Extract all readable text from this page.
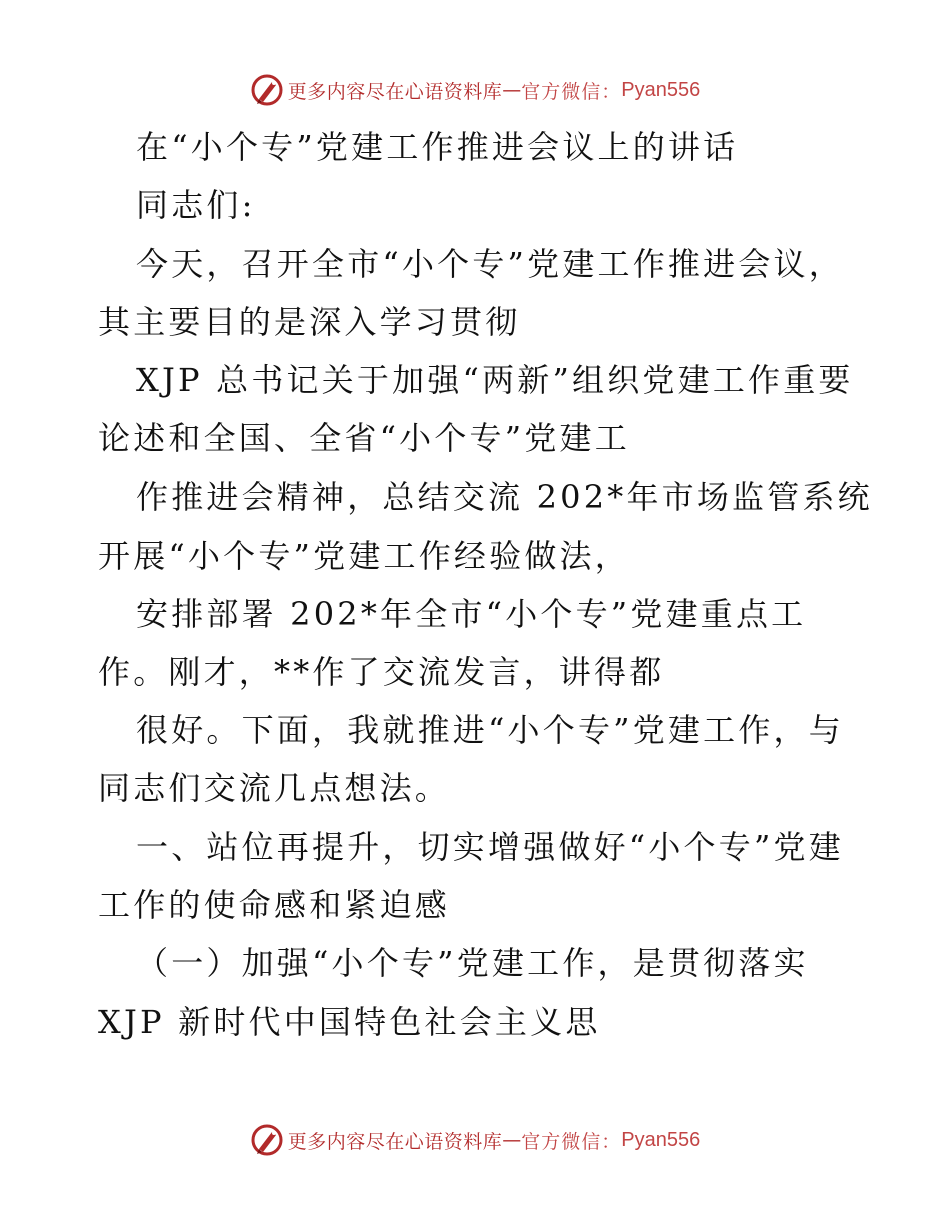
更多内容尽在心语资料库 — 官方微信： Pyan556
在“小个专”党建工作推进会议上的讲话
同志们:
今天，召开全市“小个专”党建工作推进会议，
其主要目的是深入学习贯彻
XJP 总书记关于加强“两新”组织党建工作重要
论述和全国、全省“小个专”党建工
作推进会精神，总结交流 202*年市场监管系统
开展“小个专”党建工作经验做法，
安排部署 202*年全市“小个专”党建重点工
作。刚才，**作了交流发言，讲得都
很好。下面，我就推进“小个专”党建工作，与
同志们交流几点想法。
一、站位再提升，切实增强做好“小个专”党建
工作的使命感和紧迫感
（一）加强“小个专”党建工作，是贯彻落实
XJP 新时代中国特色社会主义思
更多内容尽在心语资料库 — 官方微信： Pyan556
